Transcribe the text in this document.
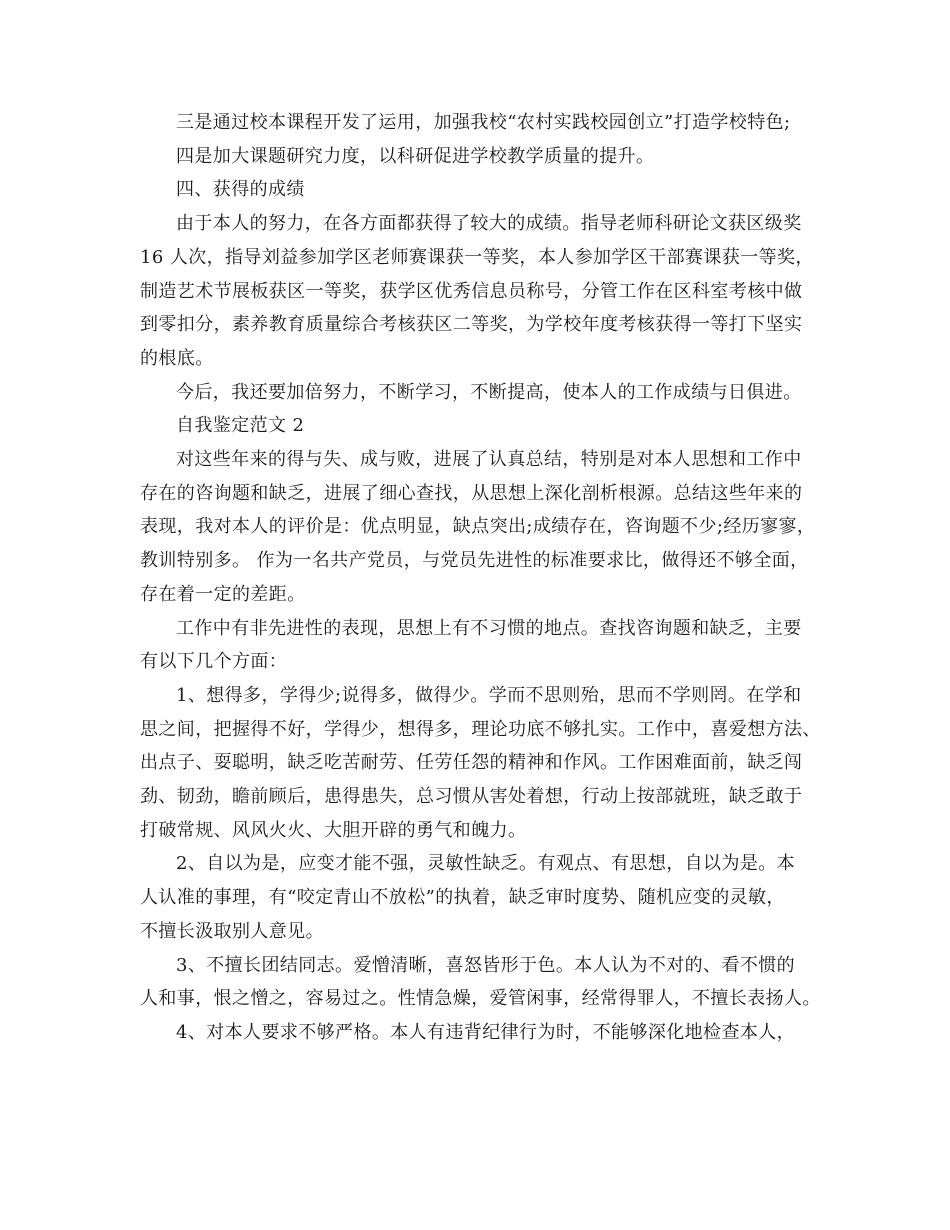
三是通过校本课程开发了运用，加强我校“农村实践校园创立”打造学校特色;
四是加大课题研究力度，以科研促进学校教学质量的提升。
四、获得的成绩
由于本人的努力，在各方面都获得了较大的成绩。指导老师科研论文获区级奖
16 人次，指导刘益参加学区老师赛课获一等奖，本人参加学区干部赛课获一等奖，
制造艺术节展板获区一等奖，获学区优秀信息员称号，分管工作在区科室考核中做
到零扣分，素养教育质量综合考核获区二等奖，为学校年度考核获得一等打下坚实
的根底。
今后，我还要加倍努力，不断学习，不断提高，使本人的工作成绩与日俱进。
自我鉴定范文 2
对这些年来的得与失、成与败，进展了认真总结，特别是对本人思想和工作中
存在的咨询题和缺乏，进展了细心查找，从思想上深化剖析根源。总结这些年来的
表现，我对本人的评价是：优点明显，缺点突出;成绩存在，咨询题不少;经历寥寥，
教训特别多。 作为一名共产党员，与党员先进性的标准要求比，做得还不够全面，
存在着一定的差距。
工作中有非先进性的表现，思想上有不习惯的地点。查找咨询题和缺乏，主要
有以下几个方面：
1、想得多，学得少;说得多，做得少。学而不思则殆，思而不学则罔。在学和
思之间，把握得不好，学得少，想得多，理论功底不够扎实。工作中，喜爱想方法、
出点子、耍聪明，缺乏吃苦耐劳、任劳任怨的精神和作风。工作困难面前，缺乏闯
劲、韧劲，瞻前顾后，患得患失，总习惯从害处着想，行动上按部就班，缺乏敢于
打破常规、风风火火、大胆开辟的勇气和魄力。
2、自以为是，应变才能不强，灵敏性缺乏。有观点、有思想，自以为是。本
人认准的事理，有“咬定青山不放松”的执着，缺乏审时度势、随机应变的灵敏，
不擅长汲取别人意见。
3、不擅长团结同志。爱憎清晰，喜怒皆形于色。本人认为不对的、看不惯的
人和事，恨之憎之，容易过之。性情急燥，爱管闲事，经常得罪人，不擅长表扬人。
4、对本人要求不够严格。本人有违背纪律行为时，不能够深化地检查本人，
